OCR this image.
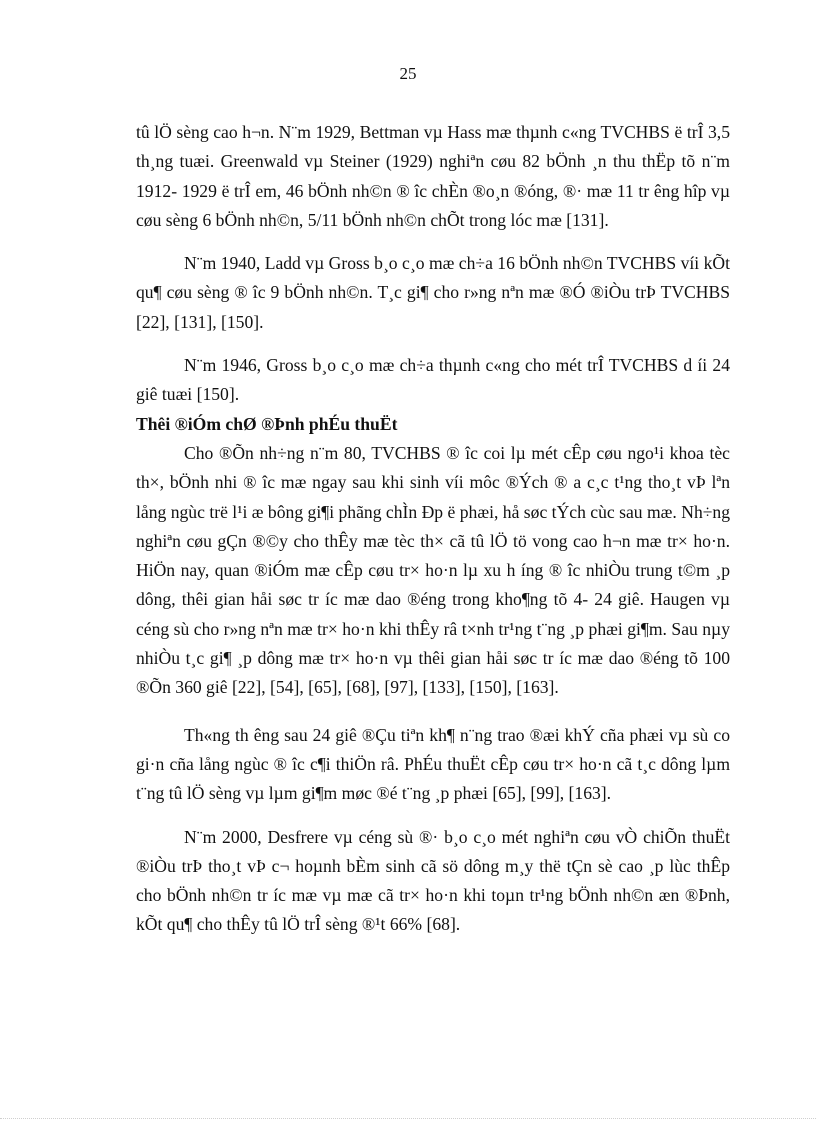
25

tû lÖ sèng cao h¬n. N¨m 1929, Bettman vµ Hass mæ thµnh c«ng TVCHBS ë trÎ 3,5 th¸ng tuæi. Greenwald vµ Steiner (1929) nghiªn cøu 82 bÖnh ¸n thu thËp tõ n¨m 1912- 1929 ë trÎ em, 46 bÖnh nh©n ® îc chÈn ®o¸n ®óng, ®· mæ 11 tr êng hîp vµ cøu sèng 6 bÖnh nh©n, 5/11 bÖnh nh©n chÕt trong lóc mæ [131].

N¨m 1940, Ladd vµ Gross b¸o c¸o mæ ch÷a 16 bÖnh nh©n TVCHBS víi kÕt qu¶ cøu sèng ® îc 9 bÖnh nh©n. T¸c gi¶ cho r»ng nªn mæ ®Ó ®iÒu trÞ TVCHBS [22], [131], [150].

N¨m 1946, Gross b¸o c¸o mæ ch÷a thµnh c«ng cho mét trÎ TVCHBS d íi 24 giê tuæi [150].

Thêi ®iÓm chØ ®Þnh phÉu thuËt

Cho ®Õn nh÷ng n¨m 80, TVCHBS ® îc coi lµ mét cÊp cøu ngo¹i khoa tèc th×, bÖnh nhi ® îc mæ ngay sau khi sinh víi môc ®Ých ® a c¸c t¹ng tho¸t vÞ lªn lång ngùc trë l¹i æ bông gi¶i phãng chÌn Ðp ë phæi, hå søc tÝch cùc sau mæ. Nh÷ng nghiªn cøu gÇn ®©y cho thÊy mæ tèc th× cã tû lÖ tö vong cao h¬n mæ tr× ho·n. HiÖn nay, quan ®iÓm mæ cÊp cøu tr× ho·n lµ xu h íng ® îc nhiÒu trung t©m ¸p dông, thêi gian håi søc tr íc mæ dao ®éng trong kho¶ng tõ 4- 24 giê. Haugen vµ céng sù cho r»ng nªn mæ tr× ho·n khi thÊy râ t×nh tr¹ng t¨ng ¸p phæi gi¶m. Sau nµy nhiÒu t¸c gi¶ ¸p dông mæ tr× ho·n vµ thêi gian håi søc tr íc mæ dao ®éng tõ 100 ®Õn 360 giê [22], [54], [65], [68], [97], [133], [150], [163].

Th«ng th êng sau 24 giê ®Çu tiªn kh¶ n¨ng trao ®æi khÝ cña phæi vµ sù co gi·n cña lång ngùc ® îc c¶i thiÖn râ. PhÉu thuËt cÊp cøu tr× ho·n cã t¸c dông lµm t¨ng tû lÖ sèng vµ lµm gi¶m møc ®é t¨ng ¸p phæi [65], [99], [163].

N¨m 2000, Desfrere vµ céng sù ®· b¸o c¸o mét nghiªn cøu vÒ chiÕn thuËt ®iÒu trÞ tho¸t vÞ c¬ hoµnh bÈm sinh cã sö dông m¸y thë tÇn sè cao ¸p lùc thÊp cho bÖnh nh©n tr íc mæ vµ mæ cã tr× ho·n khi toµn tr¹ng bÖnh nh©n æn ®Þnh, kÕt qu¶ cho thÊy tû lÖ trÎ sèng ®¹t 66% [68].
